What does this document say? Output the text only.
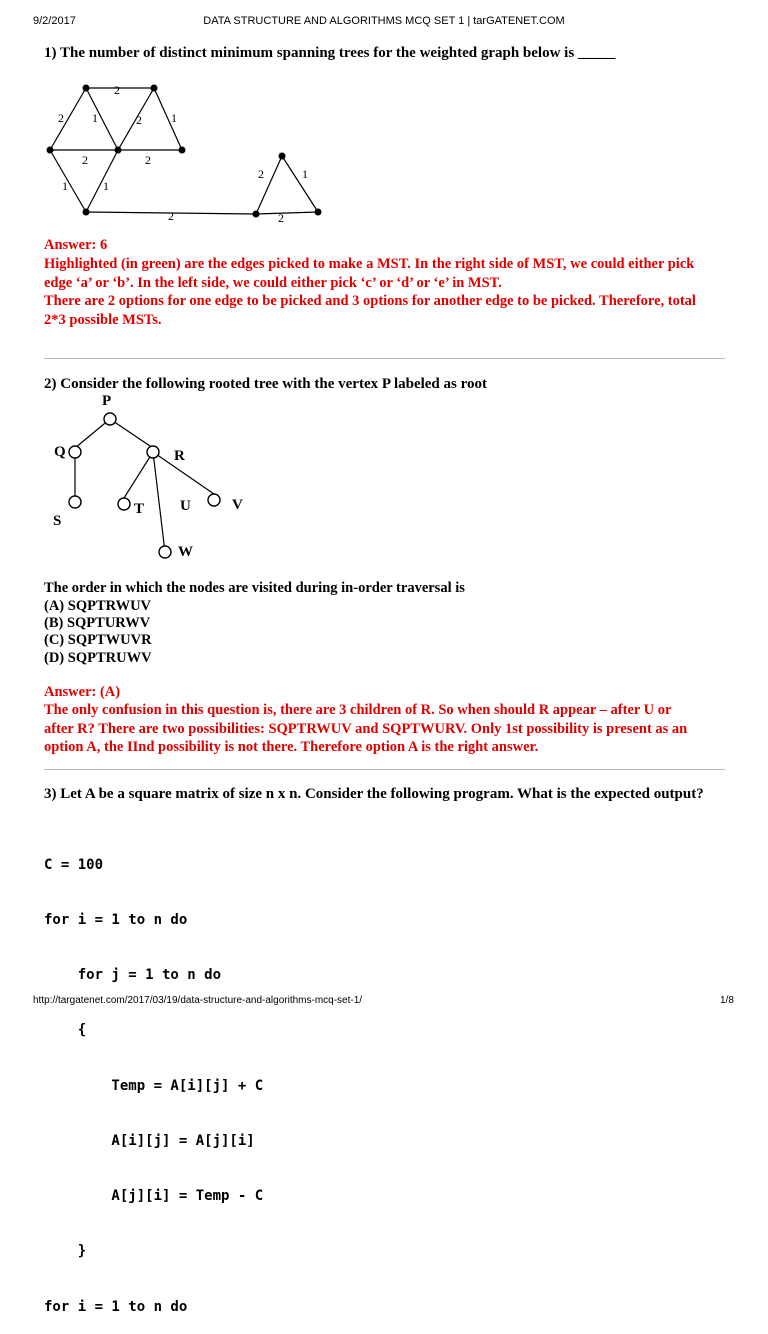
9/2/2017	DATA STRUCTURE AND ALGORITHMS MCQ SET 1 | tarGATENET.COM
1) The number of distinct minimum spanning trees for the weighted graph below is _____
2
2 1	2 1
2	2
1	1
2
2	1
2
Answer: 6
Highlighted (in green) are the edges picked to make a MST. In the right side of MST, we could either pick
edge ‘a’ or ‘b’. In the left side, we could either pick ‘c’ or ‘d’ or ‘e’ in MST.
There are 2 options for one edge to be picked and 3 options for another edge to be picked. Therefore, total
2*3 possible MSTs.
2) Consider the following rooted tree with the vertex P labeled as root
P
Q	R
S
T U	V
W
The order in which the nodes are visited during in-order traversal is
(A) SQPTRWUV
(B) SQPTURWV
(C) SQPTWUVR
(D) SQPTRUWV
Answer: (A)
The only confusion in this question is, there are 3 children of R. So when should R appear – after U or
after R? There are two possibilities: SQPTRWUV and SQPTWURV. Only 1st possibility is present as an
option A, the IInd possibility is not there. Therefore option A is the right answer.
3) Let A be a square matrix of size n x n. Consider the following program. What is the expected output?

C = 100

for i = 1 to n do

for j = 1 to n do

{

Temp = A[i][j] + C

A[i][j] = A[j][i]

A[j][i] = Temp - C

}

for i = 1 to n do

http://targatenet.com/2017/03/19/data-structure-and-algorithms-mcq-set-1/	1/8
